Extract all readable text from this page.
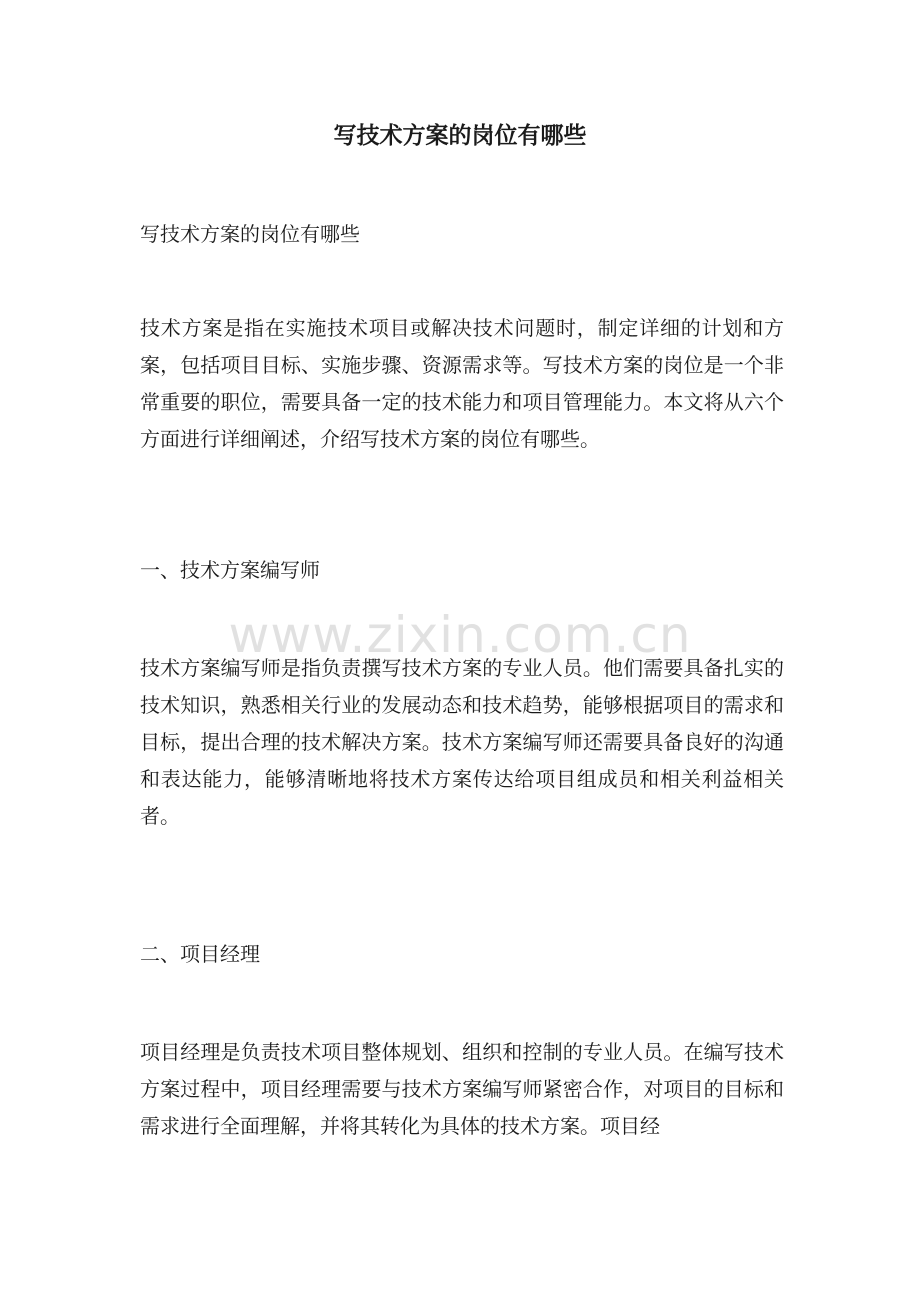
写技术方案的岗位有哪些

写技术方案的岗位有哪些

技术方案是指在实施技术项目或解决技术问题时，制定详细的计划和方案，包括项目目标、实施步骤、资源需求等。写技术方案的岗位是一个非常重要的职位，需要具备一定的技术能力和项目管理能力。本文将从六个方面进行详细阐述，介绍写技术方案的岗位有哪些。

一、技术方案编写师

技术方案编写师是指负责撰写技术方案的专业人员。他们需要具备扎实的技术知识，熟悉相关行业的发展动态和技术趋势，能够根据项目的需求和目标，提出合理的技术解决方案。技术方案编写师还需要具备良好的沟通和表达能力，能够清晰地将技术方案传达给项目组成员和相关利益相关者。

二、项目经理

项目经理是负责技术项目整体规划、组织和控制的专业人员。在编写技术方案过程中，项目经理需要与技术方案编写师紧密合作，对项目的目标和需求进行全面理解，并将其转化为具体的技术方案。项目经

www.zixin.com.cn
